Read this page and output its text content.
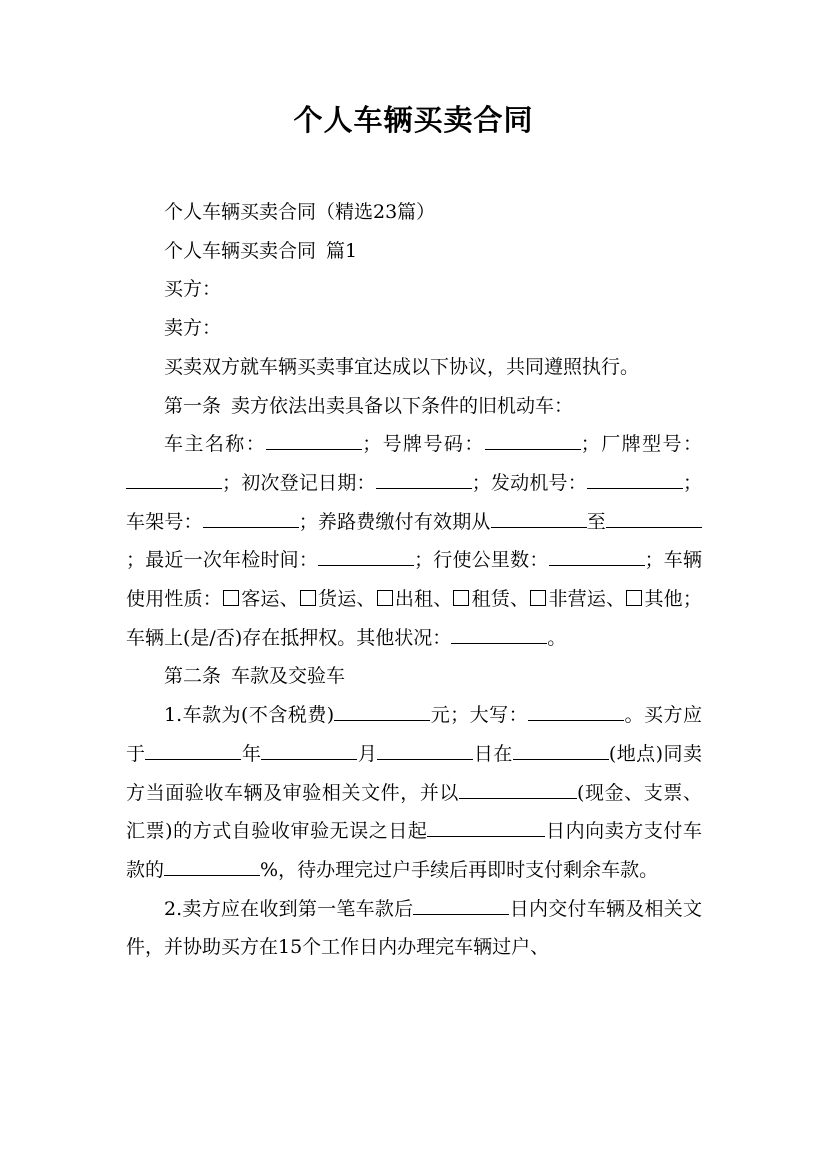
个人车辆买卖合同

个人车辆买卖合同（精选23篇）

个人车辆买卖合同 篇1

买方：

卖方：

买卖双方就车辆买卖事宜达成以下协议，共同遵照执行。

第一条 卖方依法出卖具备以下条件的旧机动车：

车主名称：	；号牌号码：	；厂牌型号：；初次登记日期：	；发动机号：	；车架号：	；养路费缴付有效期从	至；最近一次年检时间：	；行使公里数：	；车辆使用性质： 客运、 货运、 出租、 租赁、 非营运、 其他；车辆上(是/否)存在抵押权。其他状况：	。

第二条 车款及交验车

1.车款为(不含税费)	元；大写：	。买方应于	年	月	日在	(地点)同卖方当面验收车辆及审验相关文件，并以	(现金、支票、汇票)的方式自验收审验无误之日起	日内向卖方支付车款的	%，待办理完过户手续后再即时支付剩余车款。

2.卖方应在收到第一笔车款后	日内交付车辆及相关文件，并协助买方在15个工作日内办理完车辆过户、
